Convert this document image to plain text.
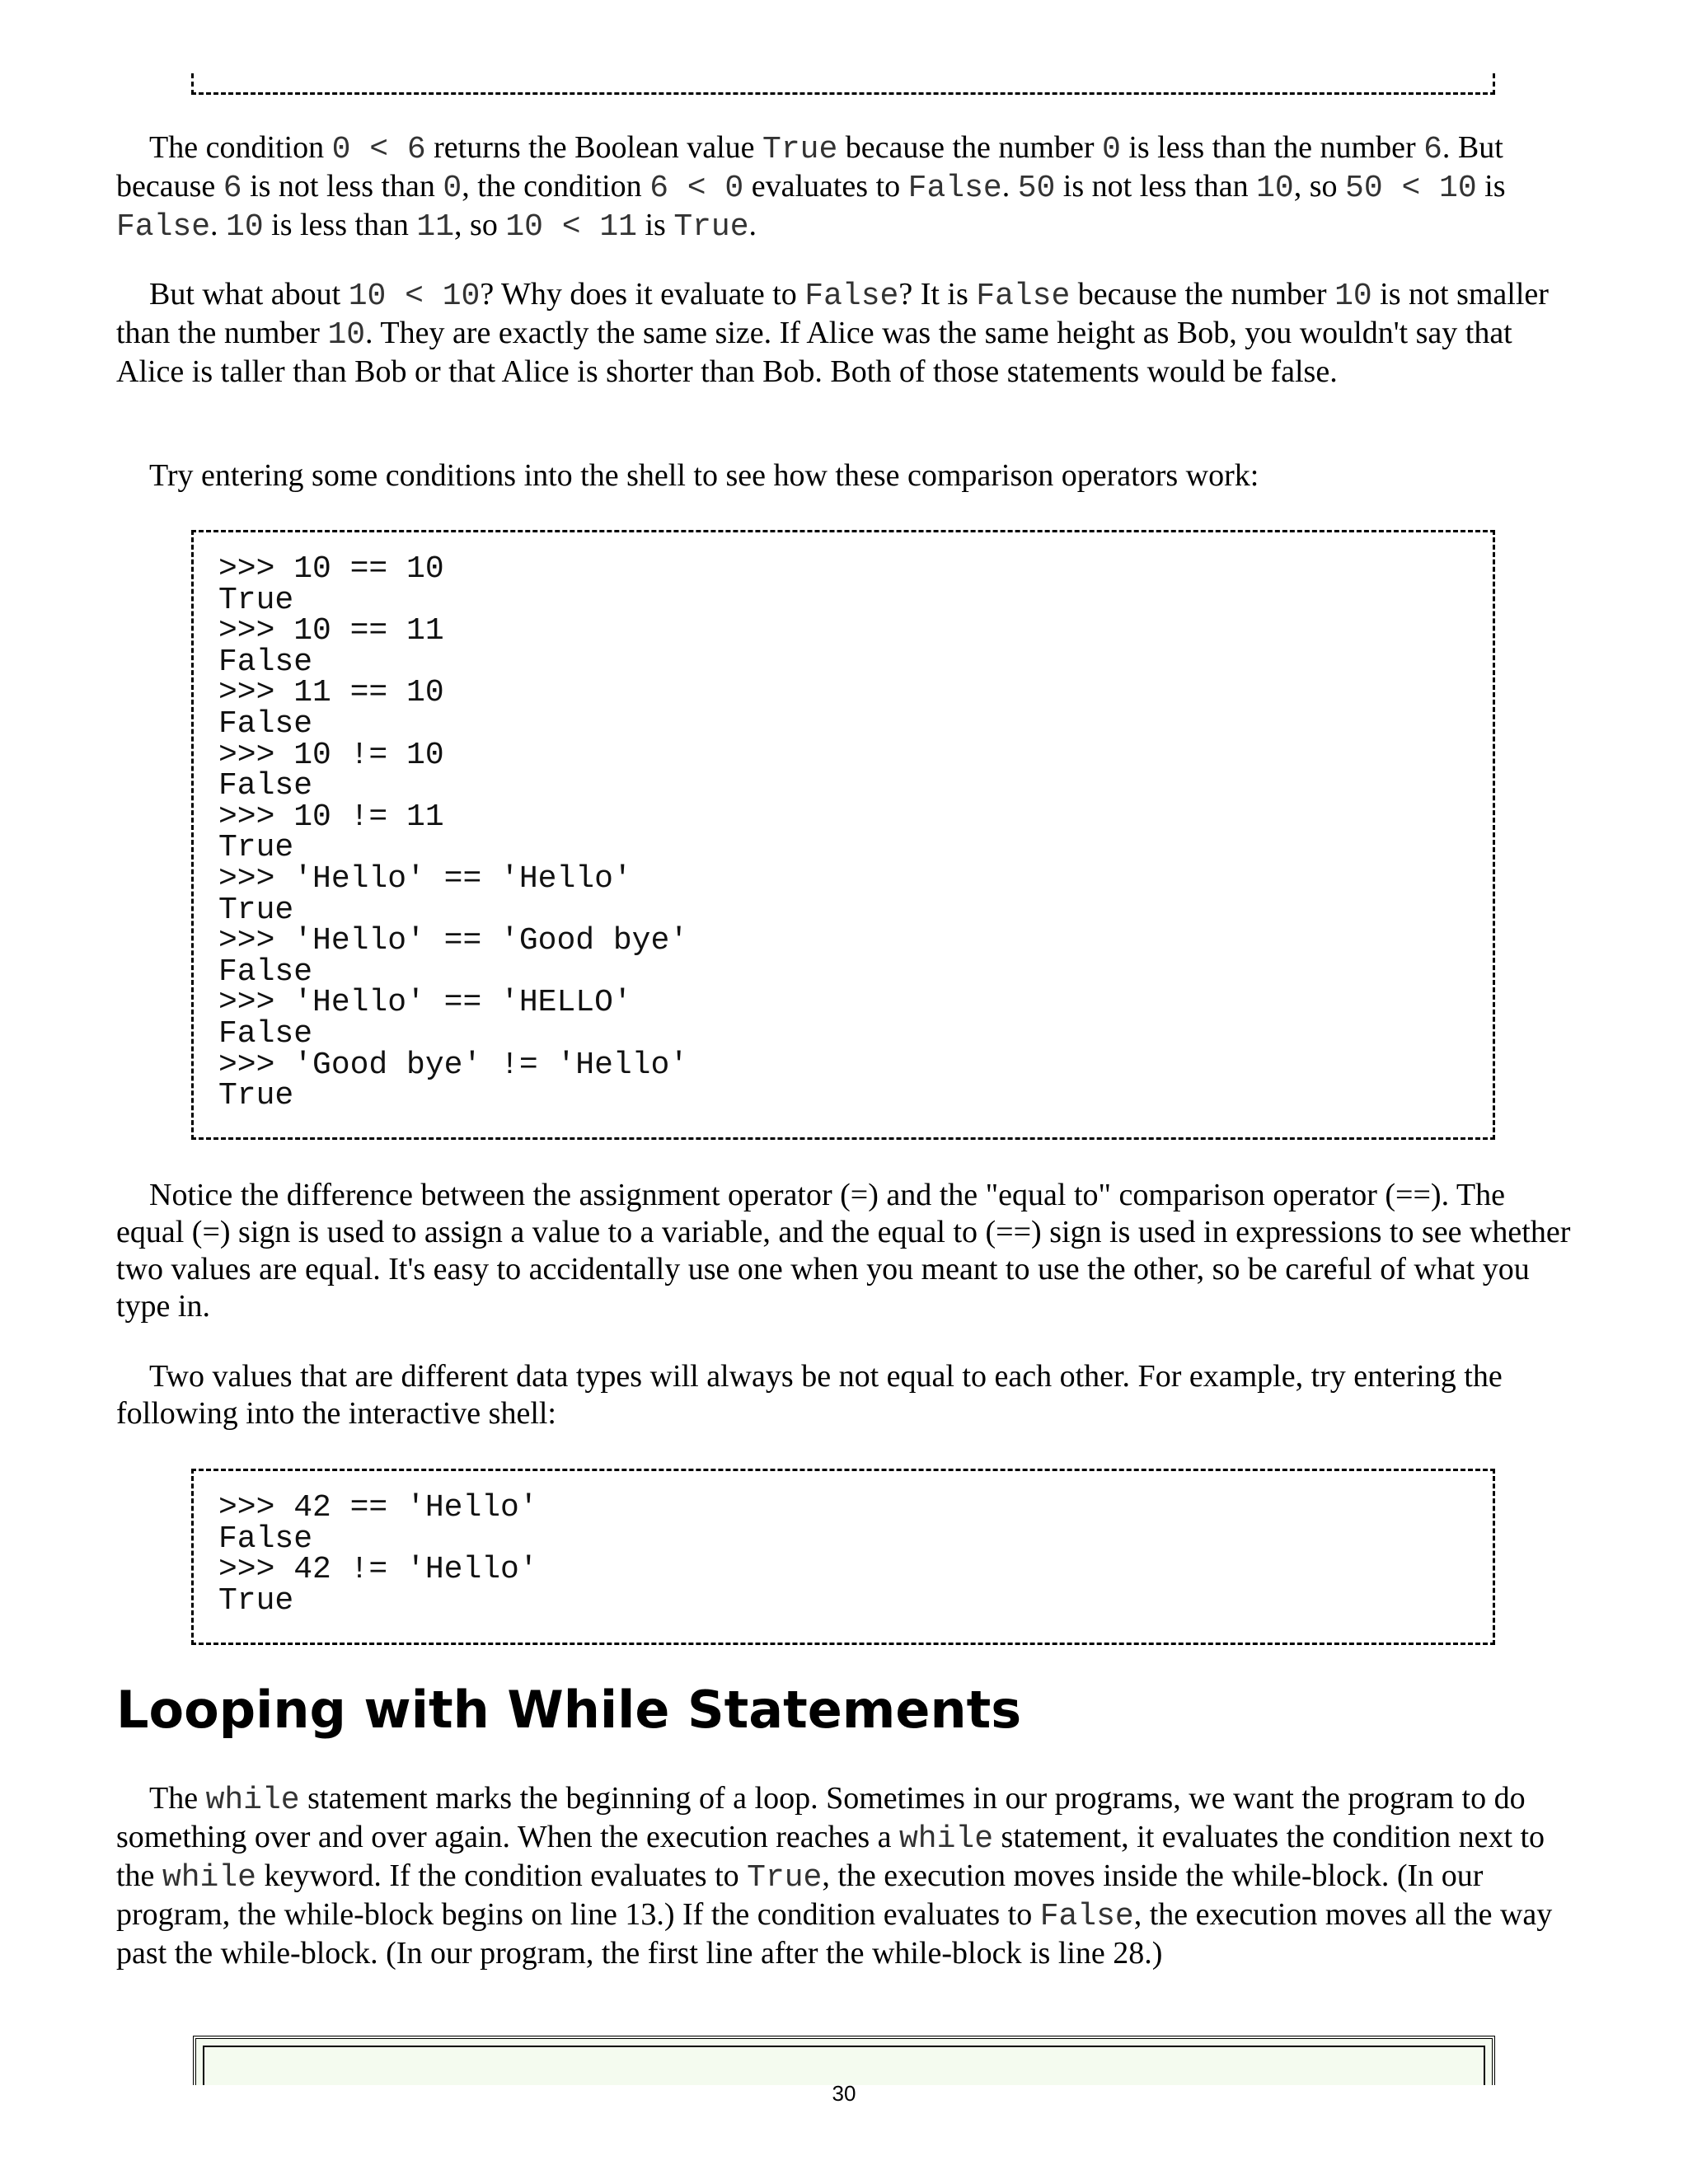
The condition 0 < 6 returns the Boolean value True because the number 0 is less than the number 6. But because 6 is not less than 0, the condition 6 < 0 evaluates to False. 50 is not less than 10, so 50 < 10 is False. 10 is less than 11, so 10 < 11 is True.

But what about 10 < 10? Why does it evaluate to False? It is False because the number 10 is not smaller than the number 10. They are exactly the same size. If Alice was the same height as Bob, you wouldn't say that Alice is taller than Bob or that Alice is shorter than Bob. Both of those statements would be false.

Try entering some conditions into the shell to see how these comparison operators work:

>>> 10 == 10
True
>>> 10 == 11
False
>>> 11 == 10
False
>>> 10 != 10
False
>>> 10 != 11
True
>>> 'Hello' == 'Hello'
True
>>> 'Hello' == 'Good bye'
False
>>> 'Hello' == 'HELLO'
False
>>> 'Good bye' != 'Hello'
True

Notice the difference between the assignment operator (=) and the "equal to" comparison operator (==). The equal (=) sign is used to assign a value to a variable, and the equal to (==) sign is used in expressions to see whether two values are equal. It's easy to accidentally use one when you meant to use the other, so be careful of what you type in.

Two values that are different data types will always be not equal to each other. For example, try entering the following into the interactive shell:

>>> 42 == 'Hello'
False
>>> 42 != 'Hello'
True
Looping with While Statements

The while statement marks the beginning of a loop. Sometimes in our programs, we want the program to do something over and over again. When the execution reaches a while statement, it evaluates the condition next to the while keyword. If the condition evaluates to True, the execution moves inside the while-block. (In our program, the while-block begins on line 13.) If the condition evaluates to False, the execution moves all the way past the while-block. (In our program, the first line after the while-block is line 28.)

30
